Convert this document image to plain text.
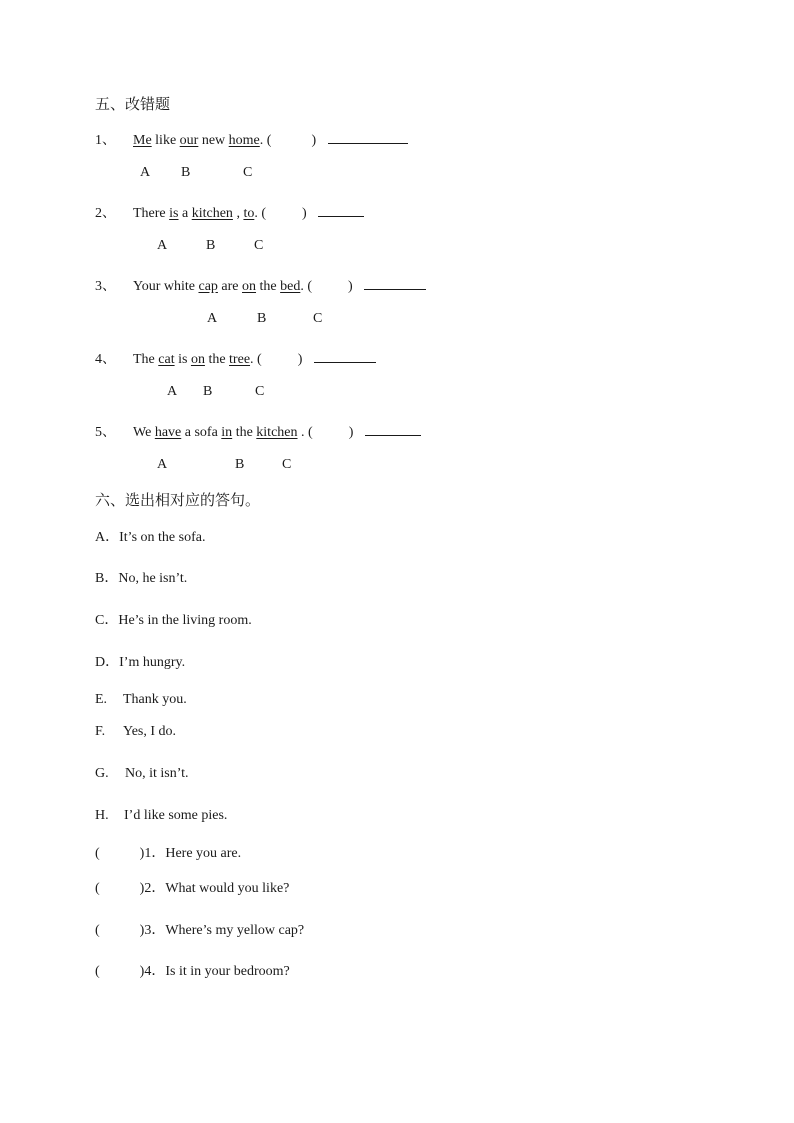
五、改错题
1、 Me like our new home. (	)
A B	C
2、 There is a kitchen , to. (	)
A	B	C
3、 Your white cap are on the bed. (	)
A	B	C
4、 The cat is on the tree. (	)
A B	C
5、 We have a sofa in the kitchen . (	)
A	B	C
六、选出相对应的答句。
A．It’s on the sofa.
B．No, he isn’t.
C．He’s in the living room.
D．I’m hungry.
E. Thank you.
F. Yes, I do.
G. No, it isn’t.
H. I’d like some pies.
(	)1．Here you are.
(	)2．What would you like?
(	)3．Where’s my yellow cap?
(	)4．Is it in your bedroom?
